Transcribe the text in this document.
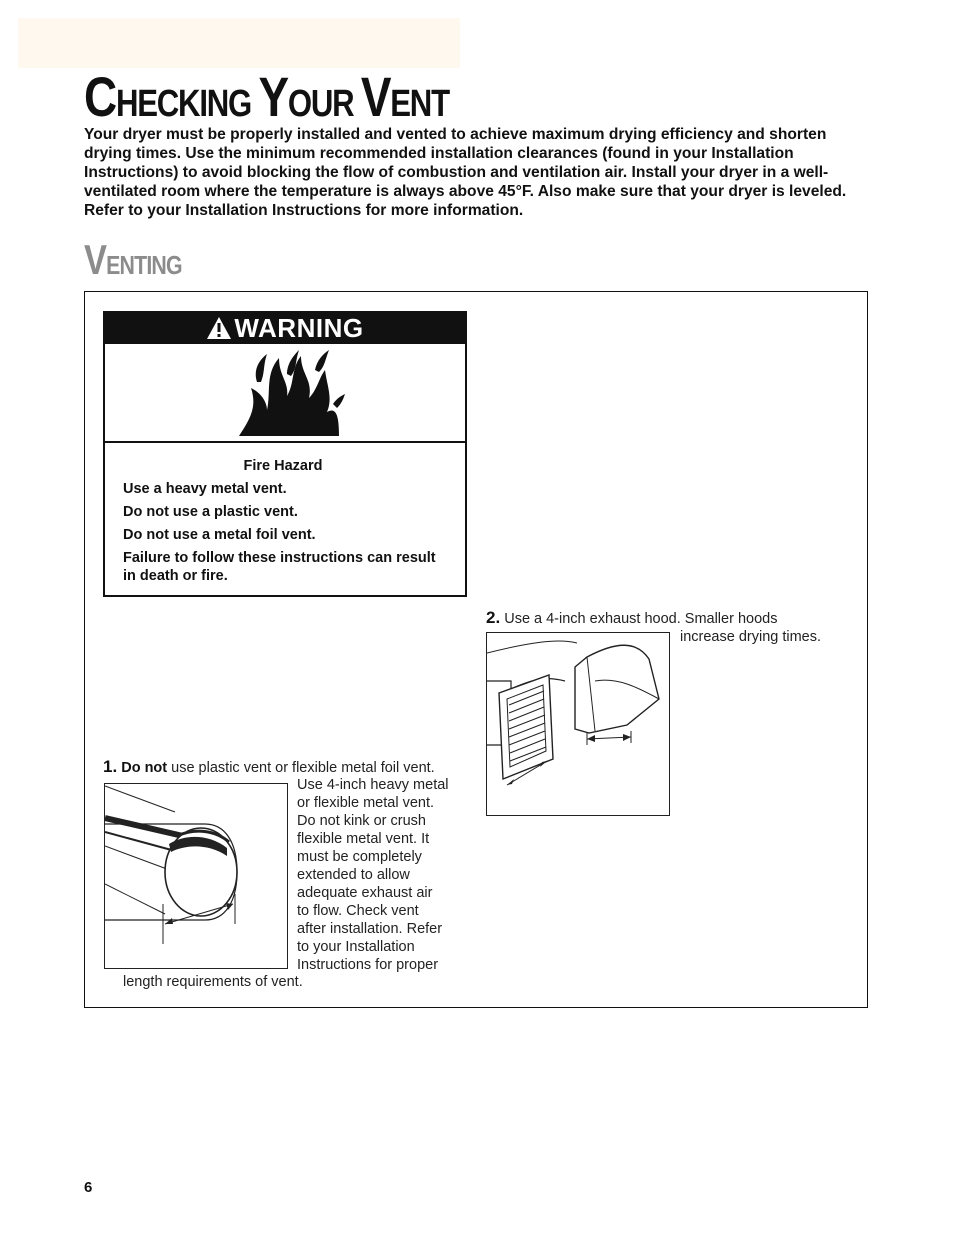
CHECKING YOUR VENT

Your dryer must be properly installed and vented to achieve maximum drying efficiency and shorten drying times. Use the minimum recommended installation clearances (found in your Installation Instructions) to avoid blocking the flow of combustion and ventilation air. Install your dryer in a well-ventilated room where the temperature is always above 45°F. Also make sure that your dryer is leveled. Refer to your Installation Instructions for more information.

VENTING
WARNING

Fire Hazard

Use a heavy metal vent.

Do not use a plastic vent.

Do not use a metal foil vent.

Failure to follow these instructions can result in death or fire.

2. Use a 4-inch exhaust hood. Smaller hoods

increase drying times.

1. Do not use plastic vent or flexible metal foil vent.

Use 4-inch heavy metal
or flexible metal vent.
Do not kink or crush
flexible metal vent. It
must be completely
extended to allow
adequate exhaust air
to flow. Check vent
after installation. Refer
to your Installation
Instructions for proper

length requirements of vent.

6
